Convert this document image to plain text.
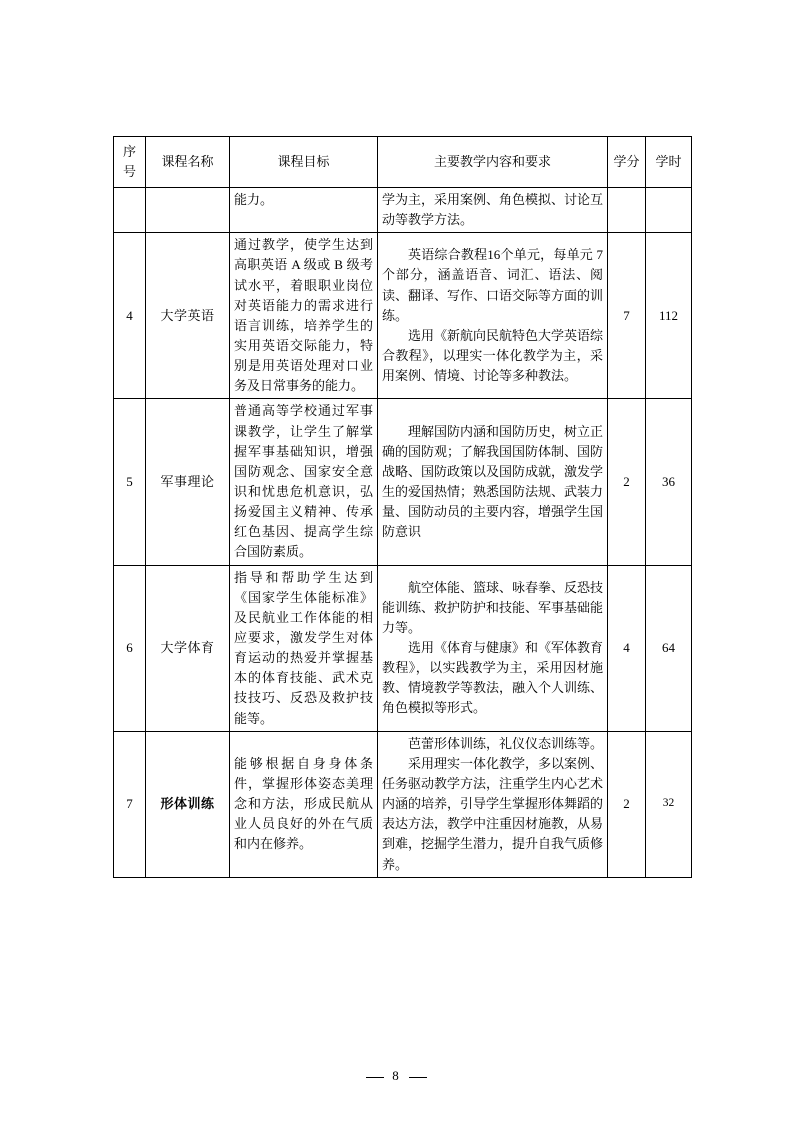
序号	课程名称	课程目标	主要教学内容和要求	学分	学时
		能力。	学为主，采用案例、角色模拟、讨论互动等教学方法。		
4	大学英语	通过教学，使学生达到高职英语 A 级或 B 级考试水平，着眼职业岗位对英语能力的需求进行语言训练，培养学生的实用英语交际能力，特别是用英语处理对口业务及日常事务的能力。	英语综合教程16个单元，每单元 7 个部分，涵盖语音、词汇、语法、阅读、翻译、写作、口语交际等方面的训练。

选用《新航向民航特色大学英语综合教程》，以理实一体化教学为主，采用案例、情境、讨论等多种教法。	7	112
5	军事理论	普通高等学校通过军事课教学，让学生了解掌握军事基础知识，增强国防观念、国家安全意识和忧患危机意识，弘扬爱国主义精神、传承红色基因、提高学生综合国防素质。	理解国防内涵和国防历史，树立正确的国防观；了解我国国防体制、国防战略、国防政策以及国防成就，激发学生的爱国热情；熟悉国防法规、武装力量、国防动员的主要内容，增强学生国防意识	2	36
6	大学体育	指导和帮助学生达到《国家学生体能标准》及民航业工作体能的相应要求，激发学生对体育运动的热爱并掌握基本的体育技能、武术克技技巧、反恐及救护技能等。	航空体能、篮球、咏春拳、反恐技能训练、救护防护和技能、军事基础能力等。

选用《体育与健康》和《军体教育教程》，以实践教学为主，采用因材施教、情境教学等教法，融入个人训练、角色模拟等形式。	4	64
7	形体训练	能够根据自身身体条件，掌握形体姿态美理念和方法，形成民航从业人员良好的外在气质和内在修养。	芭蕾形体训练，礼仪仪态训练等。

采用理实一体化教学，多以案例、任务驱动教学方法，注重学生内心艺术内涵的培养，引导学生掌握形体舞蹈的表达方法，教学中注重因材施教，从易到难，挖掘学生潜力，提升自我气质修养。	2	32
8
